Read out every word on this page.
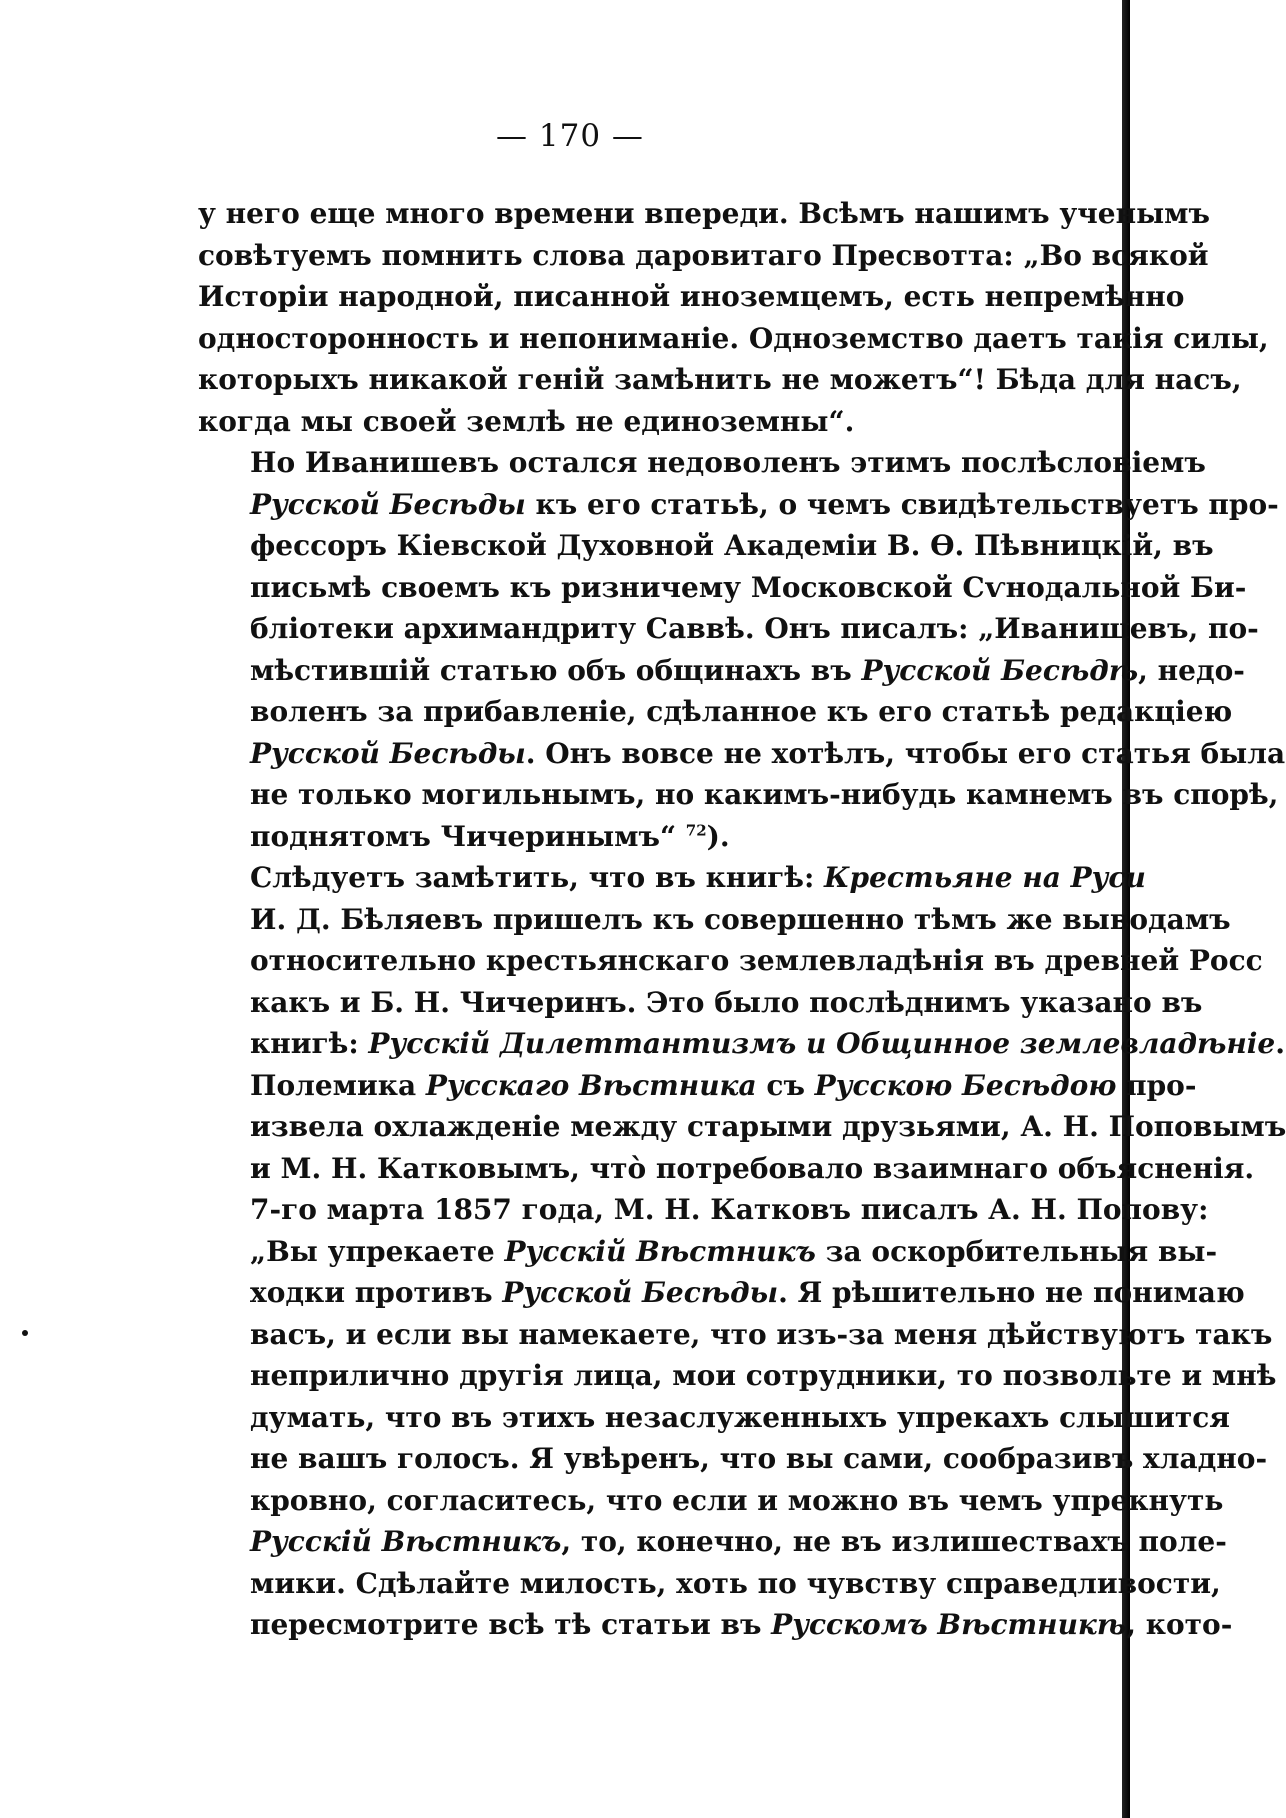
— 170 —
у него еще много времени впереди. Всѣмъ нашимъ ученымъ
совѣтуемъ помнить слова даровитаго Пресвотта: „Во всякой
Исторіи народной, писанной иноземцемъ, есть непремѣнно
односторонность и непониманіе. Одноземство даетъ такія силы,
которыхъ никакой геній замѣнить не можетъ“! Бѣда для насъ,
когда мы своей землѣ не единоземны“.
Но Иванишевъ остался недоволенъ этимъ послѣсловіемъ
Русской Бесѣды къ его статьѣ, о чемъ свидѣтельствуетъ про-
фессоръ Кіевской Духовной Академіи В. Ѳ. Пѣвницкій, въ
письмѣ своемъ къ ризничему Московской Сѵнодальной Би-
бліотеки архимандриту Саввѣ. Онъ писалъ: „Иванишевъ, по-
мѣстившій статью объ общинахъ въ Русской Бесѣдѣ, недо-
воленъ за прибавленіе, сдѣланное къ его статьѣ редакціею
Русской Бесѣды. Онъ вовсе не хотѣлъ, чтобы его статья была
не только могильнымъ, но какимъ-нибудь камнемъ въ спорѣ,
поднятомъ Чичеринымъ“ $^{72}$).
Слѣдуетъ замѣтить, что въ книгѣ: Крестьяне на Руси
И. Д. Бѣляевъ пришелъ къ совершенно тѣмъ же выводамъ
относительно крестьянскаго землевладѣнія въ древней Росс
какъ и Б. Н. Чичеринъ. Это было послѣднимъ указано въ
книгѣ: Русскій Дилеттантизмъ и Общинное землевладѣніе.
Полемика Русскаго Вѣстника съ Русскою Бесѣдою про-
извела охлажденіе между старыми друзьями, А. Н. Поповымъ
и М. Н. Катковымъ, что̀ потребовало взаимнаго объясненія.
7-го марта 1857 года, М. Н. Катковъ писалъ А. Н. Попову:
„Вы упрекаете Русскій Вѣстникъ за оскорбительныя вы-
ходки противъ Русской Бесѣды. Я рѣшительно не понимаю
васъ, и если вы намекаете, что изъ-за меня дѣйствуютъ такъ
неприлично другія лица, мои сотрудники, то позвольте и мнѣ
думать, что въ этихъ незаслуженныхъ упрекахъ слышится
не вашъ голосъ. Я увѣренъ, что вы сами, сообразивъ хладно-
кровно, согласитесь, что если и можно въ чемъ упрекнуть
Русскій Вѣстникъ, то, конечно, не въ излишествахъ поле-
мики. Сдѣлайте милость, хоть по чувству справедливости,
пересмотрите всѣ тѣ статьи въ Русскомъ Вѣстникѣ, кото-
